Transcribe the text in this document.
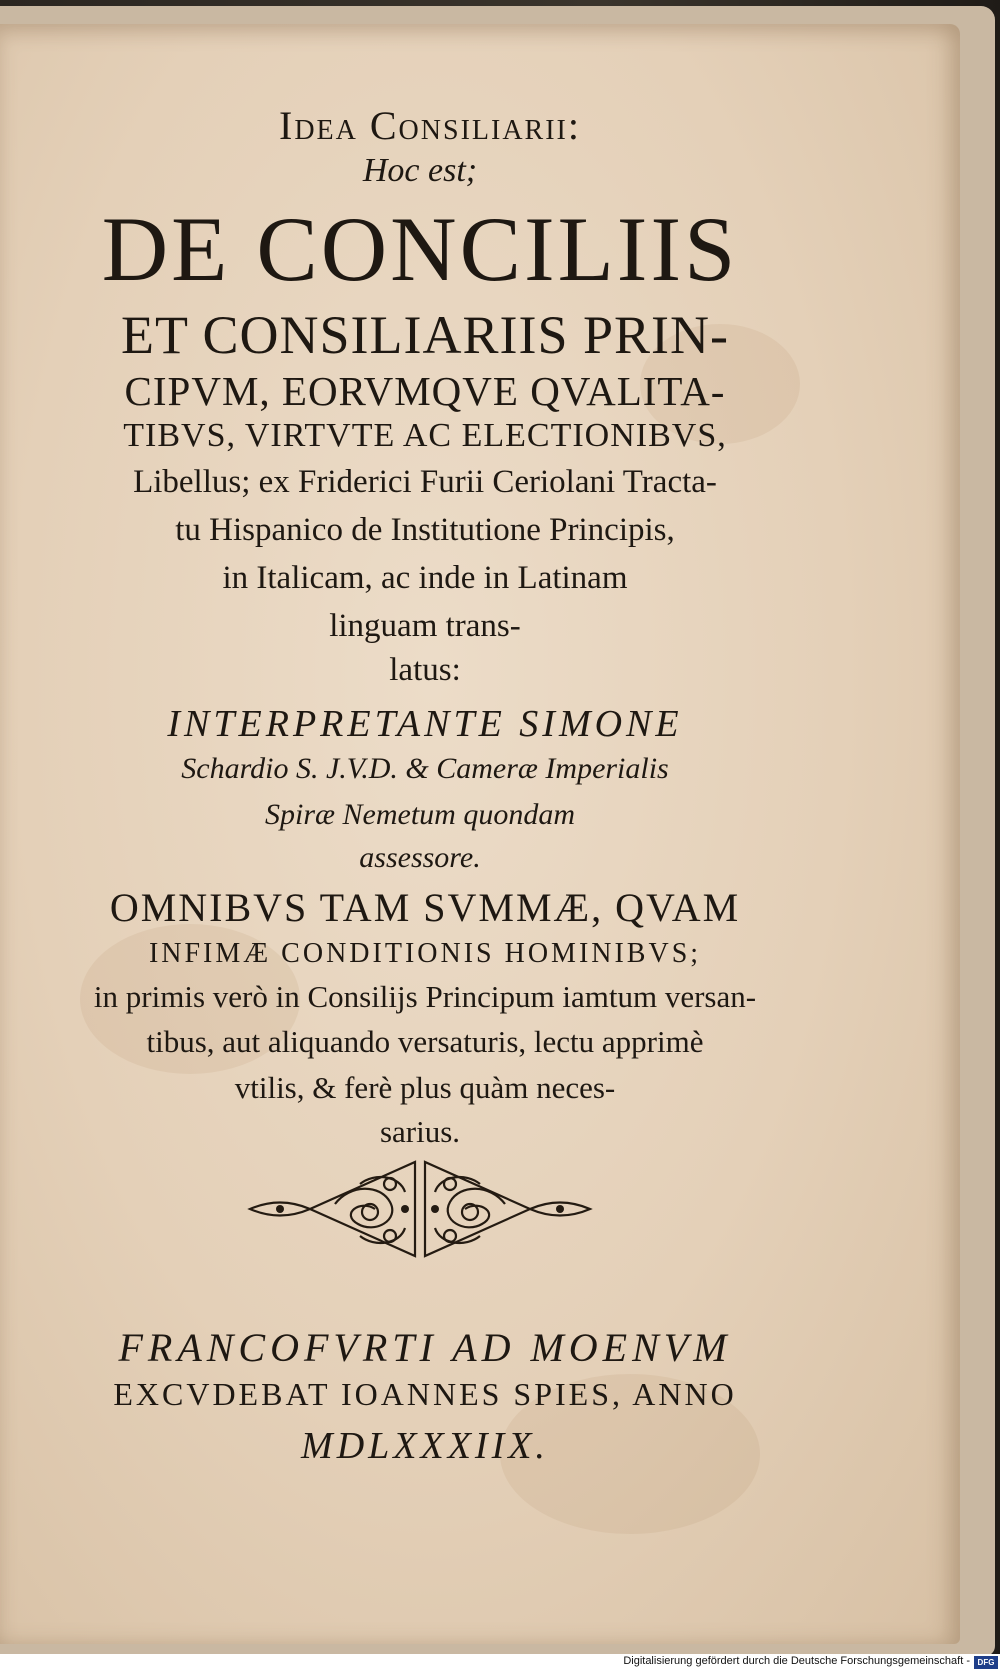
Idea Consiliarii:
Hoc est;
DE CONCILIIS
ET CONSILIARIIS PRIN-
CIPVM, EORVMQVE QVALITA-
TIBVS, VIRTVTE AC ELECTIONIBVS,
Libellus; ex Friderici Furii Ceriolani Tracta-
tu Hispanico de Institutione Principis,
in Italicam, ac inde in Latinam
linguam trans-
latus:
INTERPRETANTE SIMONE
Schardio S. J.V.D. & Cameræ Imperialis
Spiræ Nemetum quondam
assessore.
OMNIBVS TAM SVMMÆ, QVAM
INFIMÆ CONDITIONIS HOMINIBVS;
in primis verò in Consilijs Principum iamtum versan-
tibus, aut aliquando versaturis, lectu apprimè
vtilis, & ferè plus quàm neces-
sarius.
FRANCOFVRTI AD MOENVM
EXCVDEBAT IOANNES SPIES, ANNO
MDLXXXIIX.
Digitalisierung gefördert durch die Deutsche Forschungsgemeinschaft - DFG
